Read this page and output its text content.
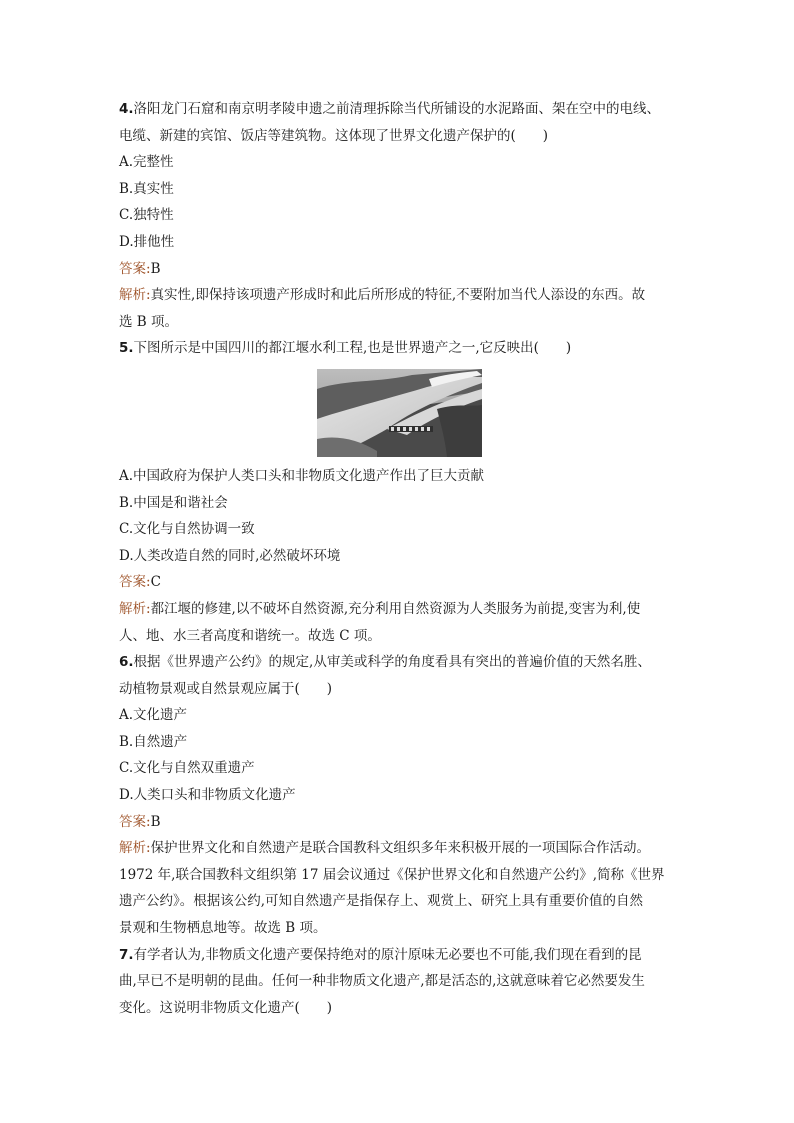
4.洛阳龙门石窟和南京明孝陵申遗之前清理拆除当代所铺设的水泥路面、架在空中的电线、
电缆、新建的宾馆、饭店等建筑物。这体现了世界文化遗产保护的(　　)
A.完整性
B.真实性
C.独特性
D.排他性
答案:B
解析:真实性,即保持该项遗产形成时和此后所形成的特征,不要附加当代人添设的东西。故
选 B 项。
5.下图所示是中国四川的都江堰水利工程,也是世界遗产之一,它反映出(　　)
A.中国政府为保护人类口头和非物质文化遗产作出了巨大贡献
B.中国是和谐社会
C.文化与自然协调一致
D.人类改造自然的同时,必然破坏环境
答案:C
解析:都江堰的修建,以不破坏自然资源,充分利用自然资源为人类服务为前提,变害为利,使
人、地、水三者高度和谐统一。故选 C 项。
6.根据《世界遗产公约》的规定,从审美或科学的角度看具有突出的普遍价值的天然名胜、
动植物景观或自然景观应属于(　　)
A.文化遗产
B.自然遗产
C.文化与自然双重遗产
D.人类口头和非物质文化遗产
答案:B
解析:保护世界文化和自然遗产是联合国教科文组织多年来积极开展的一项国际合作活动。
1972 年,联合国教科文组织第 17 届会议通过《保护世界文化和自然遗产公约》,简称《世界
遗产公约》。根据该公约,可知自然遗产是指保存上、观赏上、研究上具有重要价值的自然
景观和生物栖息地等。故选 B 项。
7.有学者认为,非物质文化遗产要保持绝对的原汁原味无必要也不可能,我们现在看到的昆
曲,早已不是明朝的昆曲。任何一种非物质文化遗产,都是活态的,这就意味着它必然要发生
变化。这说明非物质文化遗产(　　)
